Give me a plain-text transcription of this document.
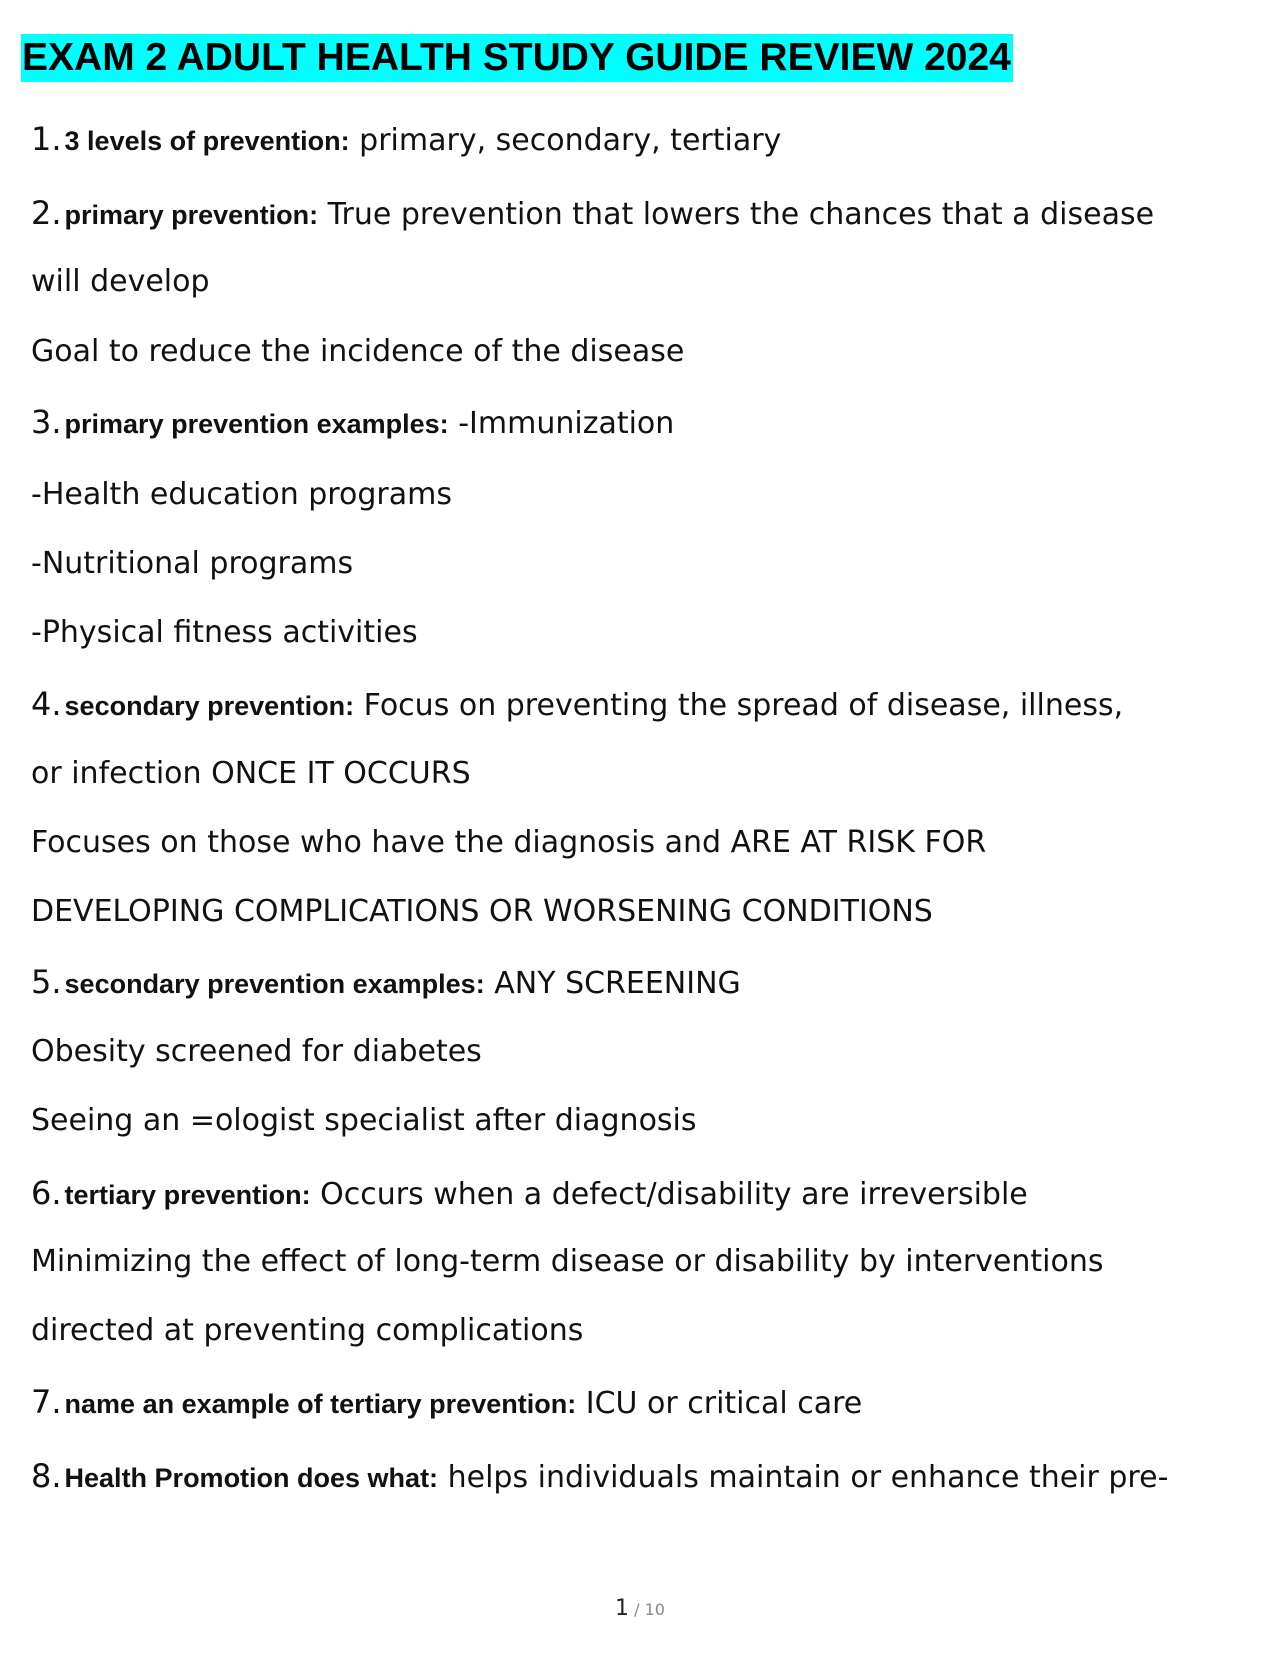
EXAM 2 ADULT HEALTH STUDY GUIDE REVIEW 2024
1. 3 levels of prevention: primary, secondary, tertiary
2. primary prevention: True prevention that lowers the chances that a disease
will develop
Goal to reduce the incidence of the disease
3. primary prevention examples: -Immunization
-Health education programs
-Nutritional programs
-Physical fitness activities
4. secondary prevention: Focus on preventing the spread of disease, illness,
or infection ONCE IT OCCURS
Focuses on those who have the diagnosis and ARE AT RISK FOR
DEVELOPING COMPLICATIONS OR WORSENING CONDITIONS
5. secondary prevention examples: ANY SCREENING
Obesity screened for diabetes
Seeing an =ologist specialist after diagnosis
6. tertiary prevention: Occurs when a defect/disability are irreversible
Minimizing the effect of long-term disease or disability by interventions
directed at preventing complications
7. name an example of tertiary prevention: ICU or critical care
8. Health Promotion does what: helps individuals maintain or enhance their pre-
1 / 10
